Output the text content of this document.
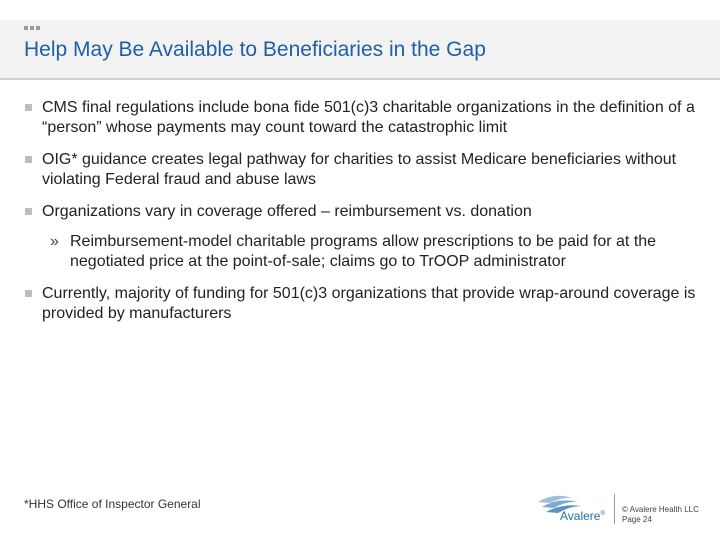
Help May Be Available to Beneficiaries in the Gap
CMS final regulations include bona fide 501(c)3 charitable organizations in the definition of a “person” whose payments may count toward the catastrophic limit
OIG* guidance creates legal pathway for charities to assist Medicare beneficiaries without violating Federal fraud and abuse laws
Organizations vary in coverage offered – reimbursement vs. donation
» Reimbursement-model charitable programs allow prescriptions to be paid for at the negotiated price at the point-of-sale; claims go to TrOOP administrator
Currently, majority of funding for 501(c)3 organizations that provide wrap-around coverage is provided by manufacturers
*HHS Office of Inspector General
Avalere® © Avalere Health LLC
Page 24
